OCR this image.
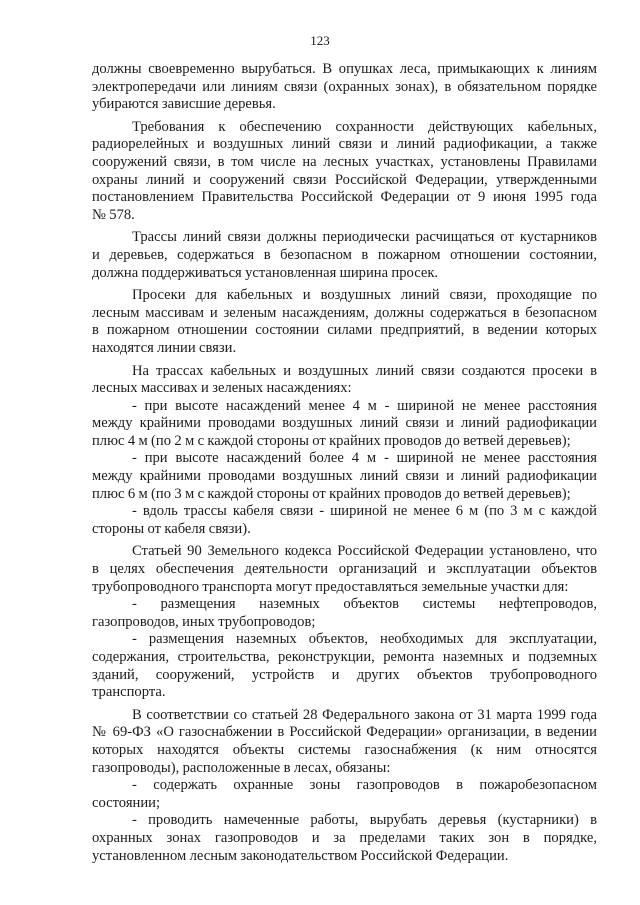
123

должны своевременно вырубаться. В опушках леса, примыкающих к линиям
электропередачи или линиям связи (охранных зонах), в обязательном порядке
убираются зависшие деревья.

Требования к обеспечению сохранности действующих кабельных,
радиорелейных и воздушных линий связи и линий радиофикации, а также
сооружений связи, в том числе на лесных участках, установлены Правилами
охраны линий и сооружений связи Российской Федерации, утвержденными
постановлением Правительства Российской Федерации от 9 июня 1995 года
№ 578.

Трассы линий связи должны периодически расчищаться от кустарников
и деревьев, содержаться в безопасном в пожарном отношении состоянии,
должна поддерживаться установленная ширина просек.

Просеки для кабельных и воздушных линий связи, проходящие по
лесным массивам и зеленым насаждениям, должны содержаться в безопасном
в пожарном отношении состоянии силами предприятий, в ведении которых
находятся линии связи.

На трассах кабельных и воздушных линий связи создаются просеки в
лесных массивах и зеленых насаждениях:

- при высоте насаждений менее 4 м - шириной не менее расстояния
между крайними проводами воздушных линий связи и линий радиофикации
плюс 4 м (по 2 м с каждой стороны от крайних проводов до ветвей деревьев);

- при высоте насаждений более 4 м - шириной не менее расстояния
между крайними проводами воздушных линий связи и линий радиофикации
плюс 6 м (по 3 м с каждой стороны от крайних проводов до ветвей деревьев);

- вдоль трассы кабеля связи - шириной не менее 6 м (по 3 м с каждой
стороны от кабеля связи).

Статьей 90 Земельного кодекса Российской Федерации установлено, что
в целях обеспечения деятельности организаций и эксплуатации объектов
трубопроводного транспорта могут предоставляться земельные участки для:

- размещения наземных объектов системы нефтепроводов,
газопроводов, иных трубопроводов;

- размещения наземных объектов, необходимых для эксплуатации,
содержания, строительства, реконструкции, ремонта наземных и подземных
зданий, сооружений, устройств и других объектов трубопроводного
транспорта.

В соответствии со статьей 28 Федерального закона от 31 марта 1999 года
№ 69-ФЗ «О газоснабжении в Российской Федерации» организации, в ведении
которых находятся объекты системы газоснабжения (к ним относятся
газопроводы), расположенные в лесах, обязаны:

- содержать охранные зоны газопроводов в пожаробезопасном
состоянии;

- проводить намеченные работы, вырубать деревья (кустарники) в
охранных зонах газопроводов и за пределами таких зон в порядке,
установленном лесным законодательством Российской Федерации.
